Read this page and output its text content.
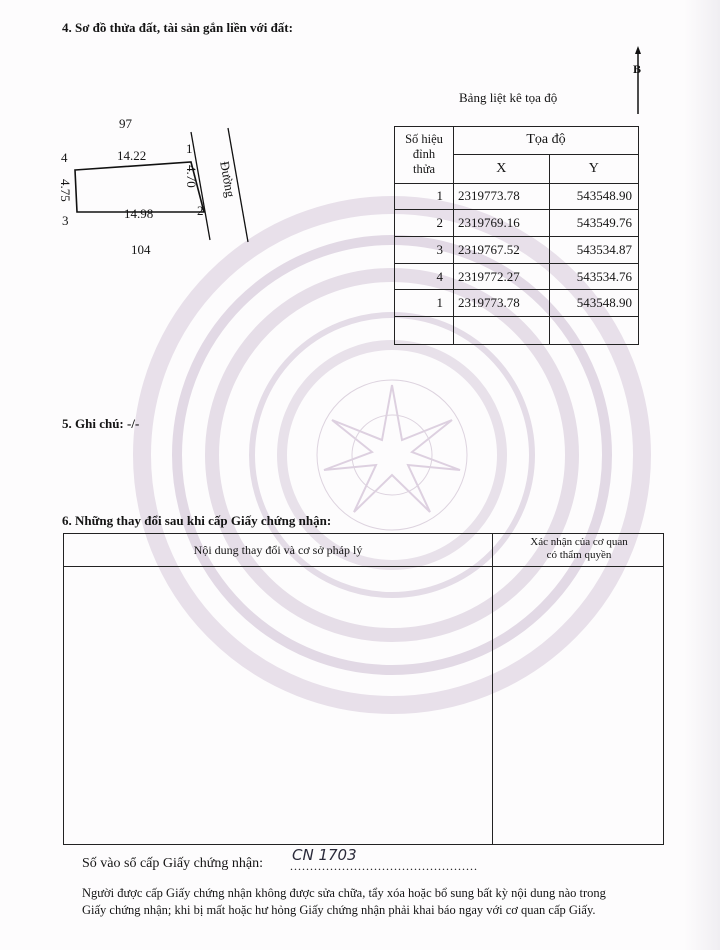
4. Sơ đồ thửa đất, tài sản gắn liền với đất:
B
97
104
4
1
2
3
14.22
14.98
4.75
4.70 Đường
Bảng liệt kê tọa độ
Số hiệu
đỉnh
thửa	Tọa độ	
	X	Y
1	2319773.78	543548.90
2	2319769.16	543549.76
3	2319767.52	543534.87
4	2319772.27	543534.76
1	2319773.78	543548.90

5. Ghi chú: -/-
6. Những thay đổi sau khi cấp Giấy chứng nhận:
Nội dung thay đổi và cơ sở pháp lý
Xác nhận của cơ quan
có thẩm quyền
Số vào sổ cấp Giấy chứng nhận: CN 1703
...............................................
Người được cấp Giấy chứng nhận không được sửa chữa, tẩy xóa hoặc bổ sung bất kỳ nội dung nào trong
Giấy chứng nhận; khi bị mất hoặc hư hỏng Giấy chứng nhận phải khai báo ngay với cơ quan cấp Giấy.
